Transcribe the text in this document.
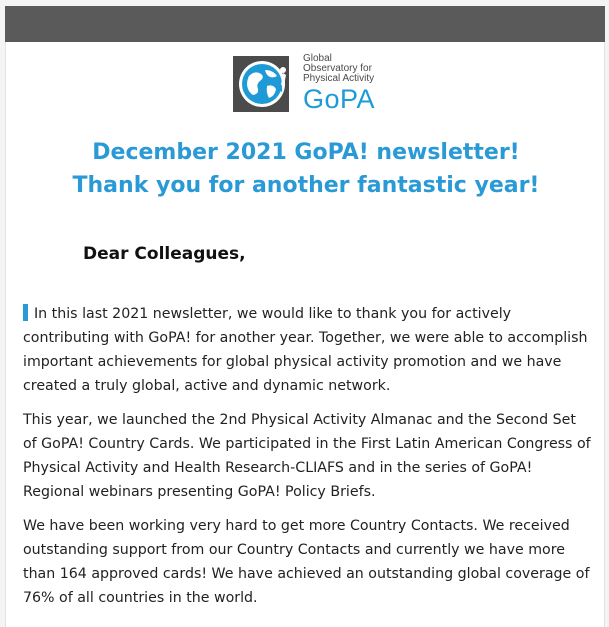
Global
Observatory for
Physical Activity
GoPA
December 2021 GoPA! newsletter!
Thank you for another fantastic year!
Dear Colleagues,

In this last 2021 newsletter, we would like to thank you for actively contributing with GoPA! for another year. Together, we were able to accomplish important achievements for global physical activity promotion and we have created a truly global, active and dynamic network.

This year, we launched the 2nd Physical Activity Almanac and the Second Set of GoPA! Country Cards. We participated in the First Latin American Congress of Physical Activity and Health Research-CLIAFS and in the series of GoPA! Regional webinars presenting GoPA! Policy Briefs.

We have been working very hard to get more Country Contacts. We received outstanding support from our Country Contacts and currently we have more than 164 approved cards! We have achieved an outstanding global coverage of 76% of all countries in the world.
